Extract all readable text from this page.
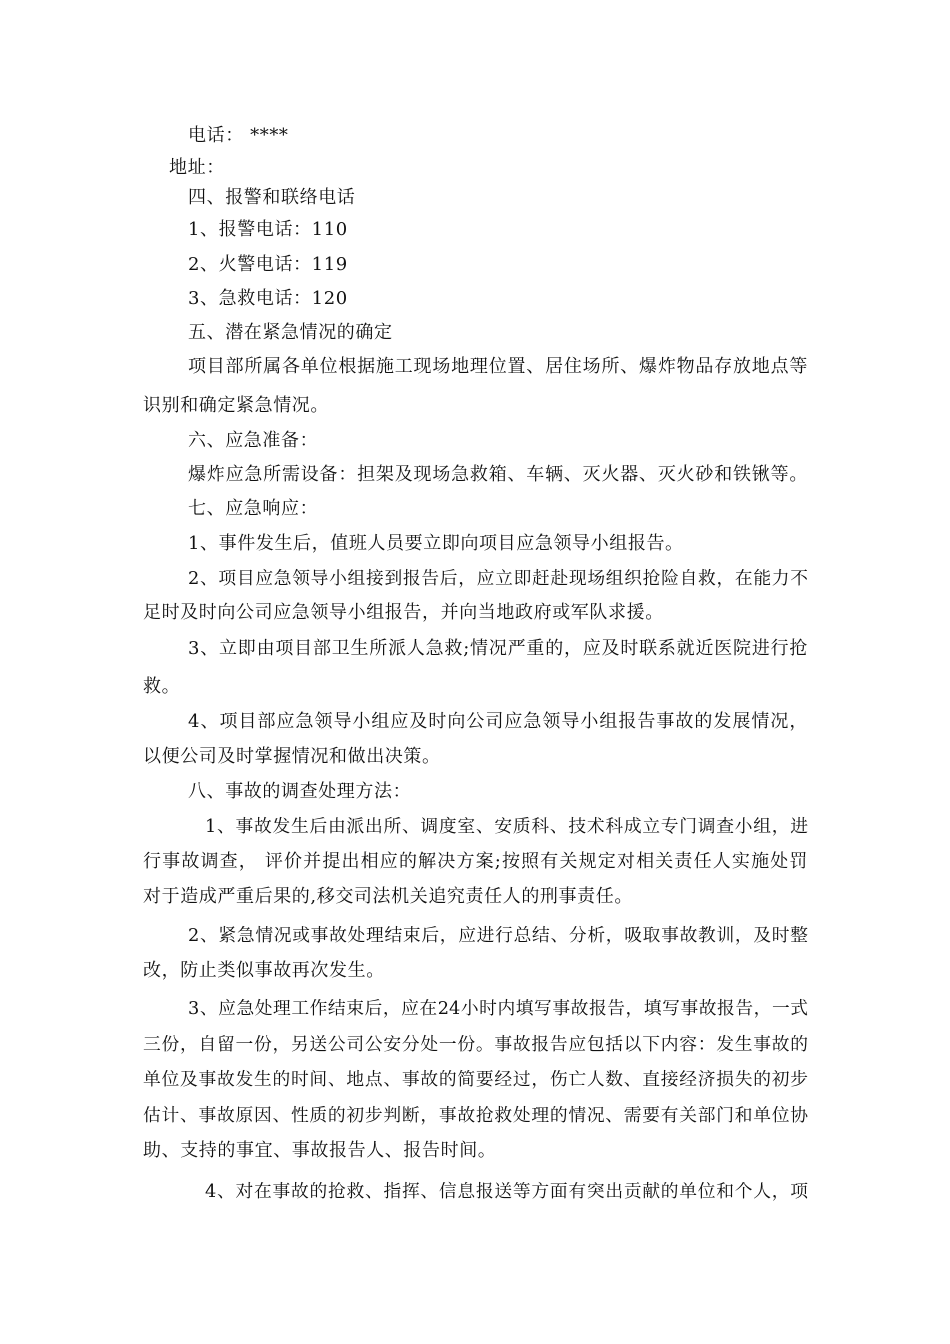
电话： ****
地址：
四、报警和联络电话
1、报警电话：110
2、火警电话：119
3、急救电话：120
五、潜在紧急情况的确定
项目部所属各单位根据施工现场地理位置、居住场所、爆炸物品存放地点等
识别和确定紧急情况。
六、应急准备：
爆炸应急所需设备：担架及现场急救箱、车辆、灭火器、灭火砂和铁锹等。
七、应急响应：
1、事件发生后，值班人员要立即向项目应急领导小组报告。
2、项目应急领导小组接到报告后，应立即赶赴现场组织抢险自救，在能力不
足时及时向公司应急领导小组报告，并向当地政府或军队求援。
3、立即由项目部卫生所派人急救;情况严重的，应及时联系就近医院进行抢
救。
4、项目部应急领导小组应及时向公司应急领导小组报告事故的发展情况，
以便公司及时掌握情况和做出决策。
八、事故的调查处理方法：
1、事故发生后由派出所、调度室、安质科、技术科成立专门调查小组，进
行事故调查， 评价并提出相应的解决方案;按照有关规定对相关责任人实施处罚
对于造成严重后果的,移交司法机关追究责任人的刑事责任。
2、紧急情况或事故处理结束后，应进行总结、分析，吸取事故教训，及时整
改，防止类似事故再次发生。
3、应急处理工作结束后，应在24小时内填写事故报告，填写事故报告，一式
三份，自留一份，另送公司公安分处一份。事故报告应包括以下内容：发生事故的
单位及事故发生的时间、地点、事故的简要经过，伤亡人数、直接经济损失的初步
估计、事故原因、性质的初步判断，事故抢救处理的情况、需要有关部门和单位协
助、支持的事宜、事故报告人、报告时间。
4、对在事故的抢救、指挥、信息报送等方面有突出贡献的单位和个人，项
